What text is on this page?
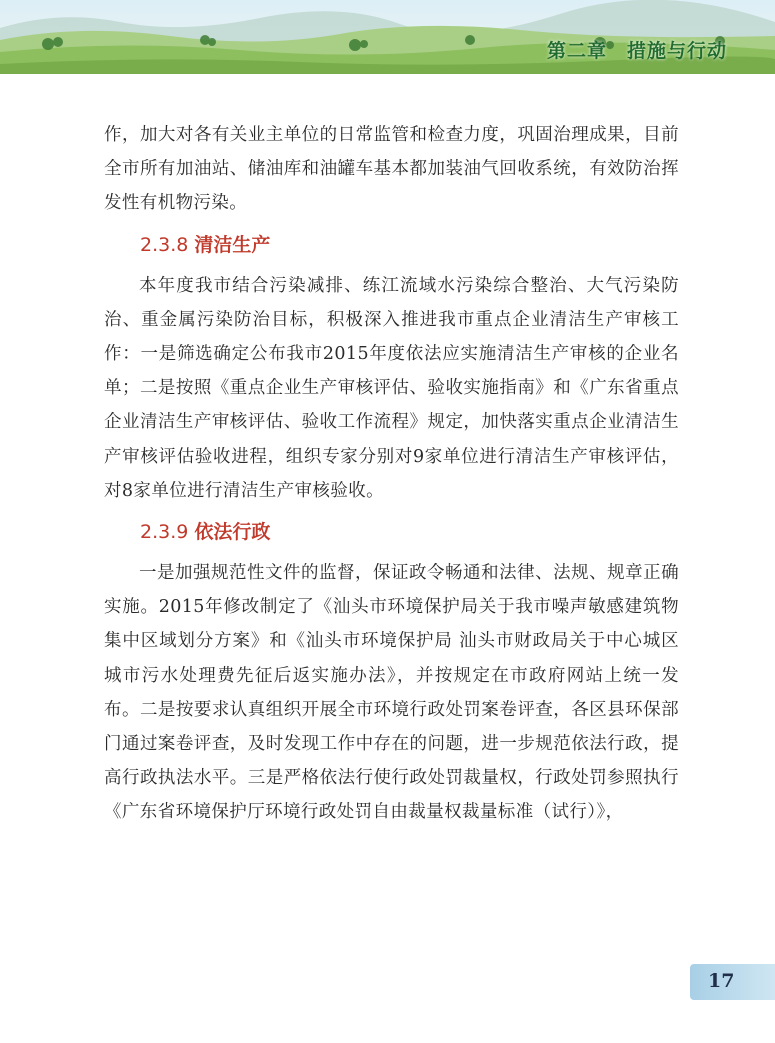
第二章　措施与行动

作，加大对各有关业主单位的日常监管和检查力度，巩固治理成果，目前全市所有加油站、储油库和油罐车基本都加装油气回收系统，有效防治挥发性有机物污染。

2.3.8 清洁生产

本年度我市结合污染减排、练江流域水污染综合整治、大气污染防治、重金属污染防治目标，积极深入推进我市重点企业清洁生产审核工作：一是筛选确定公布我市2015年度依法应实施清洁生产审核的企业名单；二是按照《重点企业生产审核评估、验收实施指南》和《广东省重点企业清洁生产审核评估、验收工作流程》规定，加快落实重点企业清洁生产审核评估验收进程，组织专家分别对9家单位进行清洁生产审核评估，对8家单位进行清洁生产审核验收。

2.3.9 依法行政

一是加强规范性文件的监督，保证政令畅通和法律、法规、规章正确实施。2015年修改制定了《汕头市环境保护局关于我市噪声敏感建筑物集中区域划分方案》和《汕头市环境保护局 汕头市财政局关于中心城区城市污水处理费先征后返实施办法》，并按规定在市政府网站上统一发布。二是按要求认真组织开展全市环境行政处罚案卷评查，各区县环保部门通过案卷评查，及时发现工作中存在的问题，进一步规范依法行政，提高行政执法水平。三是严格依法行使行政处罚裁量权，行政处罚参照执行《广东省环境保护厅环境行政处罚自由裁量权裁量标准（试行）》，

17
